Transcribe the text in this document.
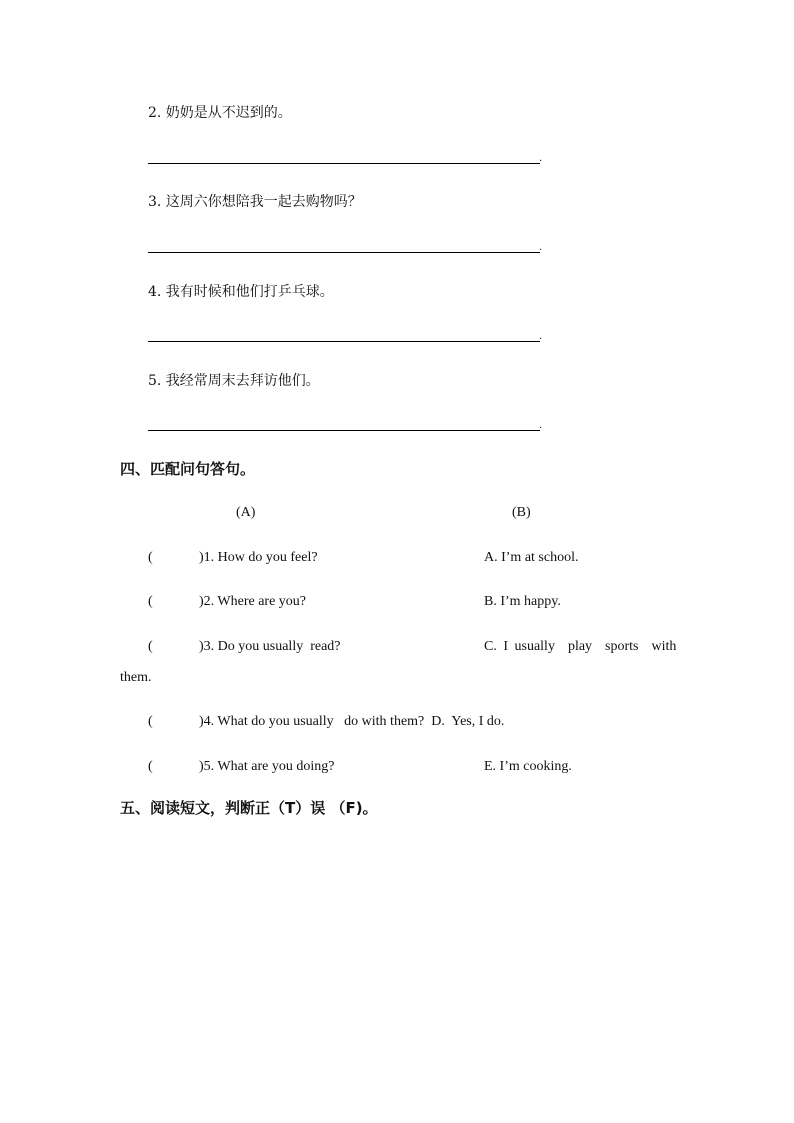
2. 奶奶是从不迟到的。
.
3. 这周六你想陪我一起去购物吗？
.
4. 我有时候和他们打乒乓球。
.
5. 我经常周末去拜访他们。
.
四、匹配问句答句。
(A)	(B)
(	)1. How do you feel?	A. I’m at school.
(	)2. Where are you?	B. I’m happy.
(	)3. Do you usually  read?	C. I usually  play  sports  with
them.
(	)4. What do you usually   do with them?  D.  Yes, I do.
(	)5. What are you doing?	E. I’m cooking.
五、阅读短文，判断正（T）误 （F)。
